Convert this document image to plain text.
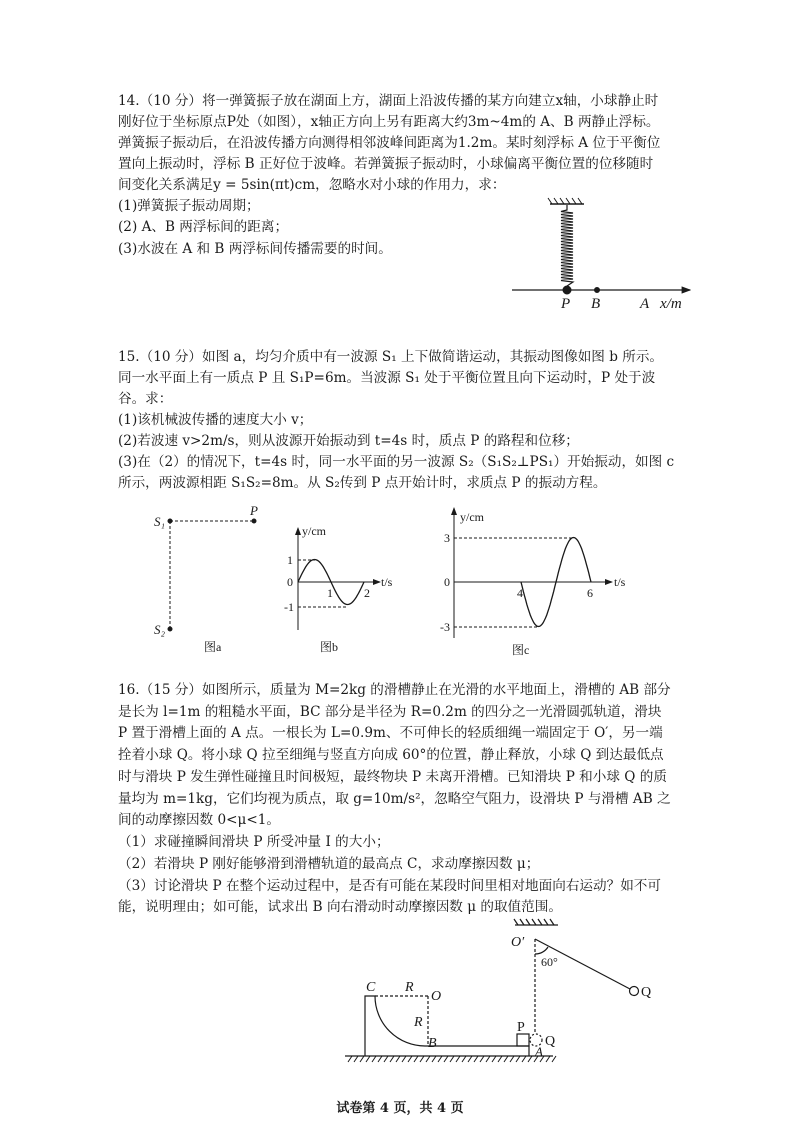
14.（10 分）将一弹簧振子放在湖面上方，湖面上沿波传播的某方向建立x轴，小球静止时
刚好位于坐标原点P处（如图），x轴正方向上另有距离大约3m~4m的 A、B 两静止浮标。
弹簧振子振动后，在沿波传播方向测得相邻波峰间距离为1.2m。某时刻浮标 A 位于平衡位
置向上振动时，浮标 B 正好位于波峰。若弹簧振子振动时，小球偏离平衡位置的位移随时
间变化关系满足y = 5sin(πt)cm，忽略水对小球的作用力，求：
(1)弹簧振子振动周期；
(2) A、B 两浮标间的距离；
(3)水波在 A 和 B 两浮标间传播需要的时间。
15.（10 分）如图 a，均匀介质中有一波源 S₁ 上下做简谐运动，其振动图像如图 b 所示。
同一水平面上有一质点 P 且 S₁P=6m。当波源 S₁ 处于平衡位置且向下运动时，P 处于波
谷。求：
(1)该机械波传播的速度大小 v；
(2)若波速 v>2m/s，则从波源开始振动到 t=4s 时，质点 P 的路程和位移；
(3)在（2）的情况下，t=4s 时，同一水平面的另一波源 S₂（S₁S₂⊥PS₁）开始振动，如图 c
所示，两波源相距 S₁S₂=8m。从 S₂传到 P 点开始计时，求质点 P 的振动方程。
16.（15 分）如图所示，质量为 M=2kg 的滑槽静止在光滑的水平地面上，滑槽的 AB 部分
是长为 l=1m 的粗糙水平面，BC 部分是半径为 R=0.2m 的四分之一光滑圆弧轨道，滑块
P 置于滑槽上面的 A 点。一根长为 L=0.9m、不可伸长的轻质细绳一端固定于 O′，另一端
拴着小球 Q。将小球 Q 拉至细绳与竖直方向成 60°的位置，静止释放，小球 Q 到达最低点
时与滑块 P 发生弹性碰撞且时间极短，最终物块 P 未离开滑槽。已知滑块 P 和小球 Q 的质
量均为 m=1kg，它们均视为质点，取 g=10m/s²，忽略空气阻力，设滑块 P 与滑槽 AB 之
间的动摩擦因数 0<μ<1。
（1）求碰撞瞬间滑块 P 所受冲量 I 的大小；
（2）若滑块 P 刚好能够滑到滑槽轨道的最高点 C，求动摩擦因数 μ；
（3）讨论滑块 P 在整个运动过程中，是否有可能在某段时间里相对地面向右运动？如不可
能，说明理由；如可能，试求出 B 向右滑动时动摩擦因数 μ 的取值范围。
P B	A x/m
S₁
P
S₂
图a
y/cm
t/s
1
-1
0
1	2
图b
y/cm
t/s
3
-3
0
4	6
图c
C R
O
R
B
P
Q
A
O′
60°
Q
试卷第 4 页，共 4 页
